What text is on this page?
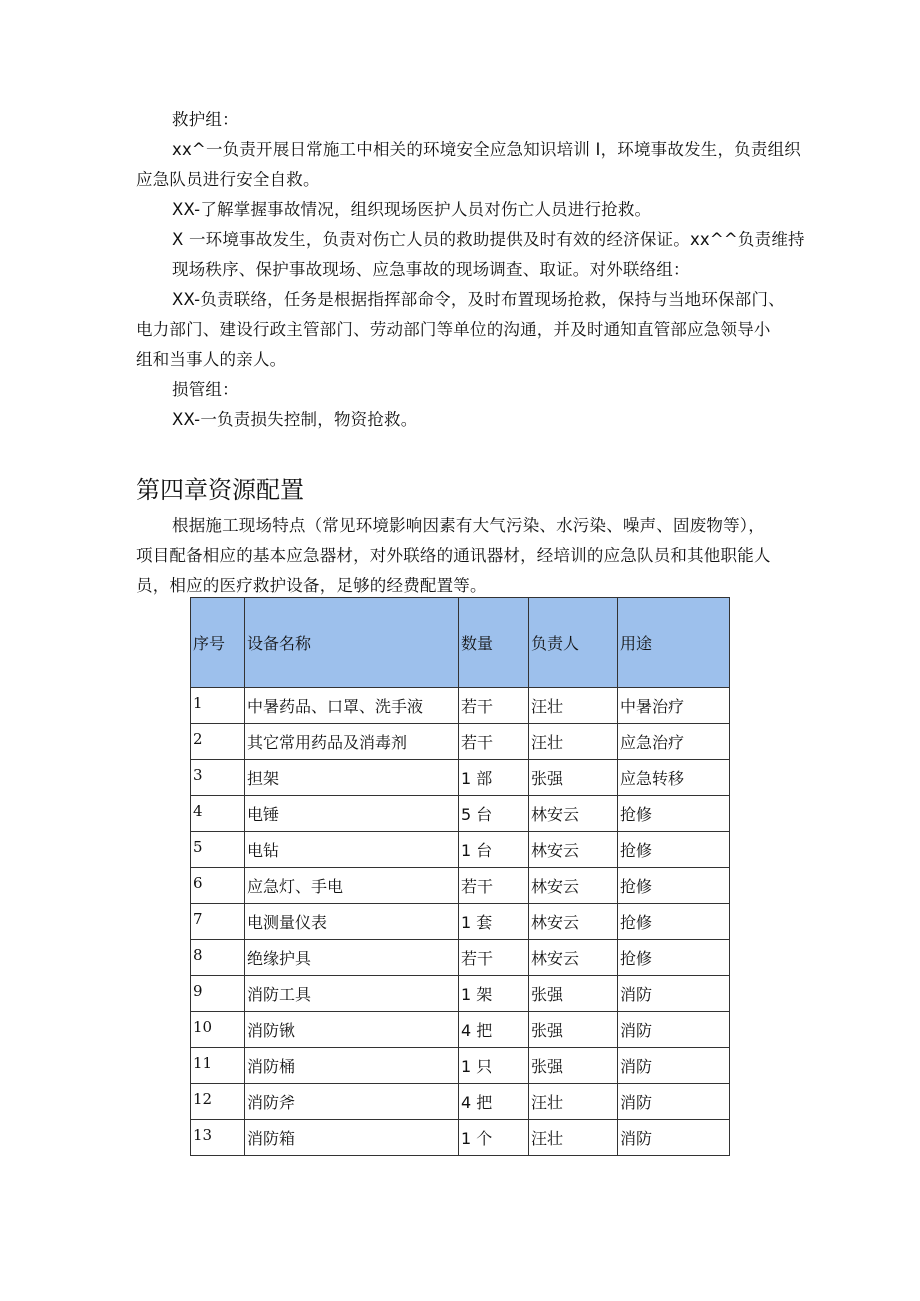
救护组：
xx^一负责开展日常施工中相关的环境安全应急知识培训 I，环境事故发生，负责组织
应急队员进行安全自救。
XX-了解掌握事故情况，组织现场医护人员对伤亡人员进行抢救。
X 一环境事故发生，负责对伤亡人员的救助提供及时有效的经济保证。xx^^负责维持
现场秩序、保护事故现场、应急事故的现场调查、取证。对外联络组：
XX-负责联络，任务是根据指挥部命令，及时布置现场抢救，保持与当地环保部门、
电力部门、建设行政主管部门、劳动部门等单位的沟通，并及时通知直管部应急领导小
组和当事人的亲人。
损管组：
XX-一负责损失控制，物资抢救。
第四章资源配置
根据施工现场特点（常见环境影响因素有大气污染、水污染、噪声、固废物等），
项目配备相应的基本应急器材，对外联络的通讯器材，经培训的应急队员和其他职能人
员，相应的医疗救护设备，足够的经费配置等。
序号	设备名称	数量	负责人	用途
1	中暑药品、口罩、洗手液	若干	汪壮	中暑治疗
2	其它常用药品及消毒剂	若干	汪壮	应急治疗
3	担架	1 部	张强	应急转移
4	电锤	5 台	林安云	抢修
5	电钻	1 台	林安云	抢修
6	应急灯、手电	若干	林安云	抢修
7	电测量仪表	1 套	林安云	抢修
8	绝缘护具	若干	林安云	抢修
9	消防工具	1 架	张强	消防
10	消防锹	4 把	张强	消防
11	消防桶	1 只	张强	消防
12	消防斧	4 把	汪壮	消防
13	消防箱	1 个	汪壮	消防
